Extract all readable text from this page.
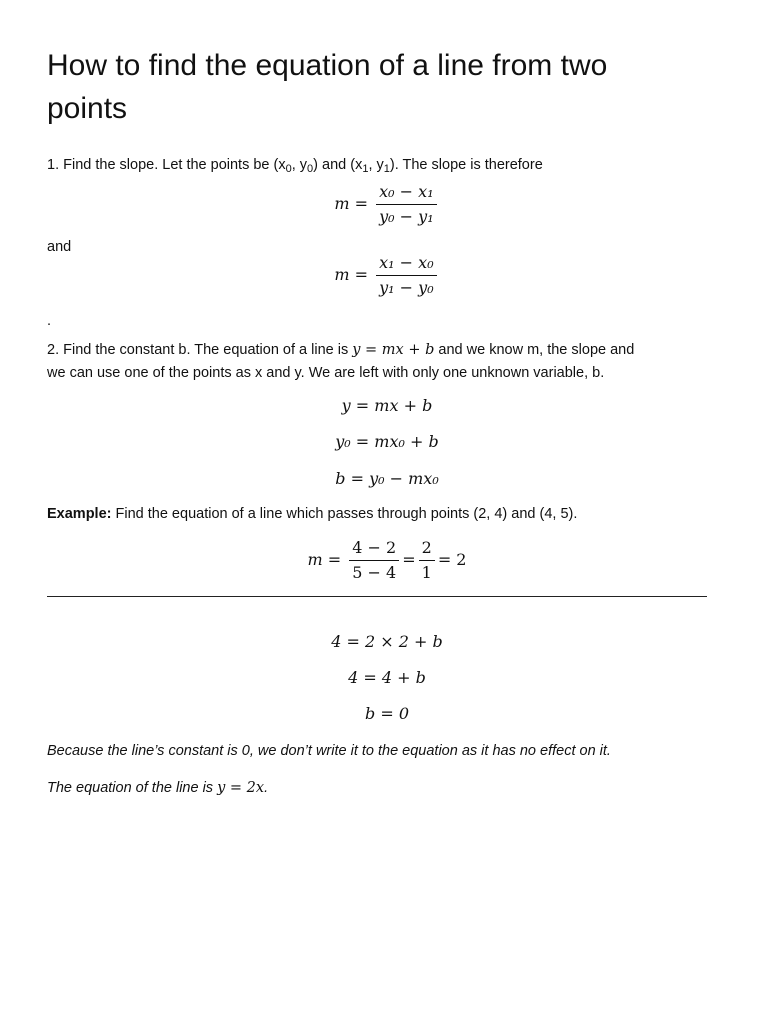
How to find the equation of a line from two points

1. Find the slope. Let the points be ($x_0$, $y_0$) and ($x_1$, $y_1$). The slope is therefore

$m = \frac{\text{x₀ − x₁}}{\text{y₀ − y₁}}$

and

$m = \frac{\text{x₁ − x₀}}{\text{y₁ − y₀}}$

.

2. Find the constant b. The equation of a line is y = mx + b and we know m, the slope and

we can use one of the points as x and y. We are left with only one unknown variable, b.

y = mx + b
y₀ = mx₀ + b
b = y₀ − mx₀

Example: Find the equation of a line which passes through points (2, 4) and (4, 5).

$m = \frac{4 - 2}{5 - 4} = \frac{2}{1} = 2$
4 = 2 × 2 + b
4 = 4 + b
b = 0

Because the line’s constant is 0, we don’t write it to the equation as it has no effect on it.

The equation of the line is y = 2x.
